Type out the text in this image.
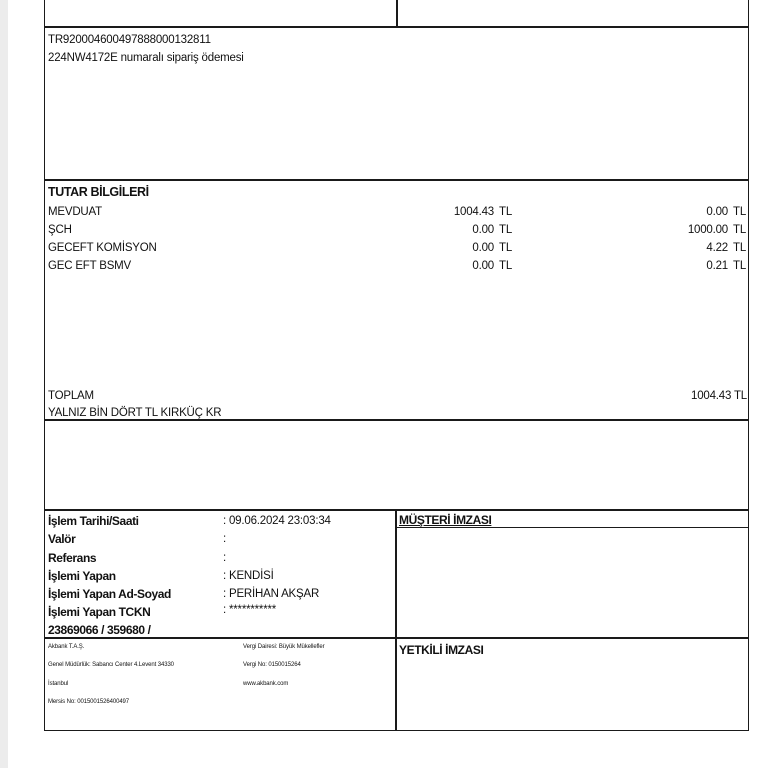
TR920004600497888000132811
224NW4172E numaralı sipariş ödemesi
TUTAR BİLGİLERİ
MEVDUAT	1004.43 TL	0.00 TL
ŞCH	0.00 TL	1000.00 TL
GECEFT KOMİSYON	0.00 TL	4.22 TL
GEC EFT BSMV	0.00 TL	0.21 TL
TOPLAM	1004.43 TL
YALNIZ BİN DÖRT TL KIRKÜÇ KR
İşlem Tarihi/Saati	: 09.06.2024 23:03:34
Valör	:
Referans	:
İşlemi Yapan	: KENDİSİ
İşlemi Yapan Ad-Soyad	: PERİHAN AKŞAR
İşlemi Yapan TCKN	: ***********
23869066 / 359680 /
MÜŞTERİ İMZASI
Akbank T.A.Ş.
Genel Müdürlük: Sabancı Center 4.Levent 34330
İstanbul
Mersis No: 0015001526400497
Vergi Dairesi: Büyük Mükellefler
Vergi No: 0150015264
www.akbank.com
YETKİLİ İMZASI
